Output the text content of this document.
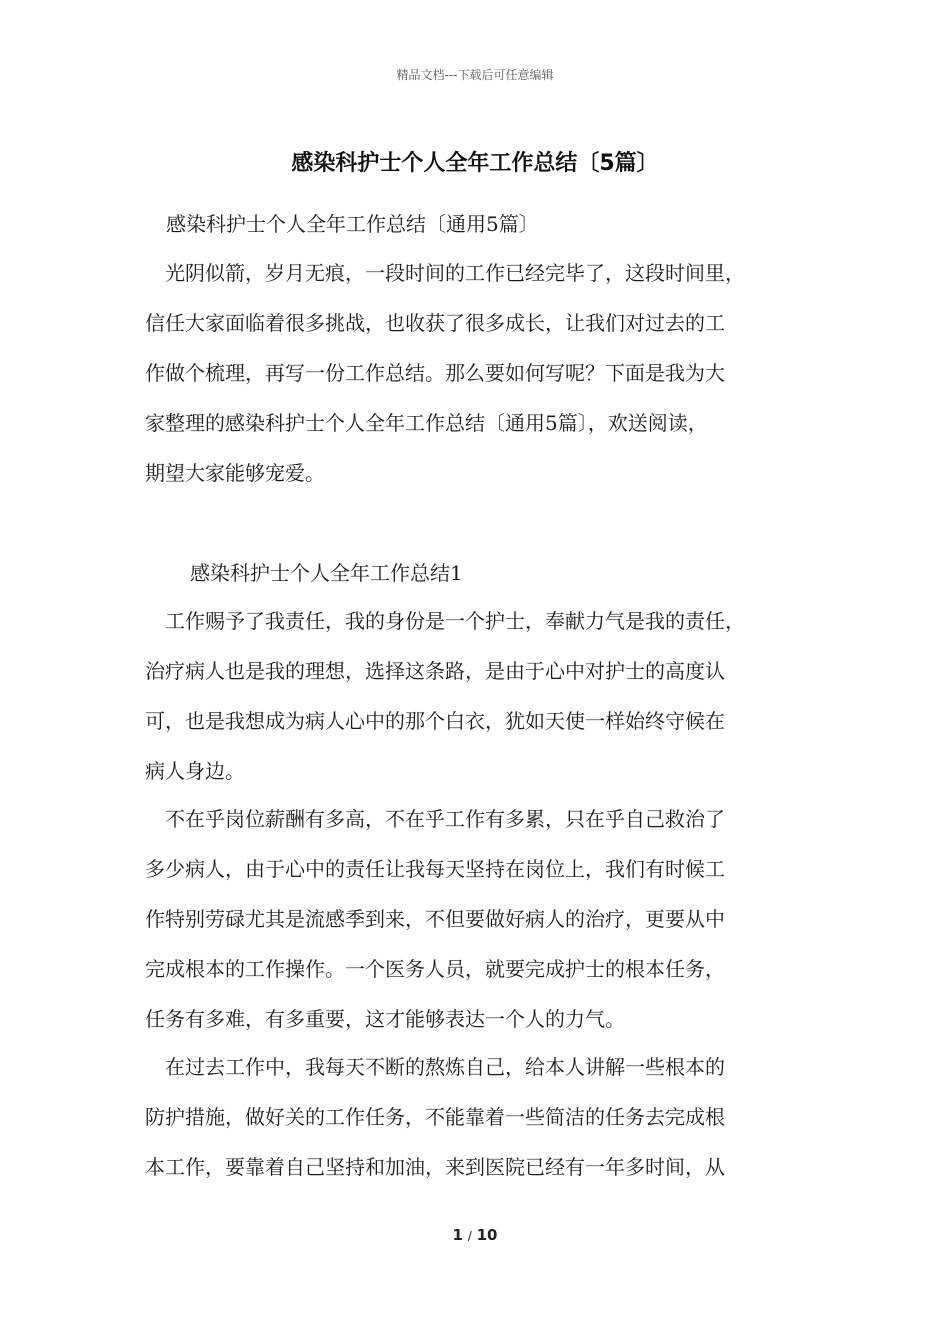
精品文档---下载后可任意编辑
感染科护士个人全年工作总结〔5篇〕
感染科护士个人全年工作总结〔通用5篇〕
　光阴似箭，岁月无痕，一段时间的工作已经完毕了，这段时间里，
信任大家面临着很多挑战，也收获了很多成长，让我们对过去的工
作做个梳理，再写一份工作总结。那么要如何写呢？下面是我为大
家整理的感染科护士个人全年工作总结〔通用5篇〕，欢送阅读，
期望大家能够宠爱。
感染科护士个人全年工作总结1
　工作赐予了我责任，我的身份是一个护士，奉献力气是我的责任，
治疗病人也是我的理想，选择这条路，是由于心中对护士的高度认
可，也是我想成为病人心中的那个白衣，犹如天使一样始终守候在
病人身边。
　不在乎岗位薪酬有多高，不在乎工作有多累，只在乎自己救治了
多少病人，由于心中的责任让我每天坚持在岗位上，我们有时候工
作特别劳碌尤其是流感季到来，不但要做好病人的治疗，更要从中
完成根本的工作操作。一个医务人员，就要完成护士的根本任务，
任务有多难，有多重要，这才能够表达一个人的力气。
　在过去工作中，我每天不断的熬炼自己，给本人讲解一些根本的
防护措施，做好关的工作任务，不能靠着一些简洁的任务去完成根
本工作，要靠着自己坚持和加油，来到医院已经有一年多时间，从
1 / 10
